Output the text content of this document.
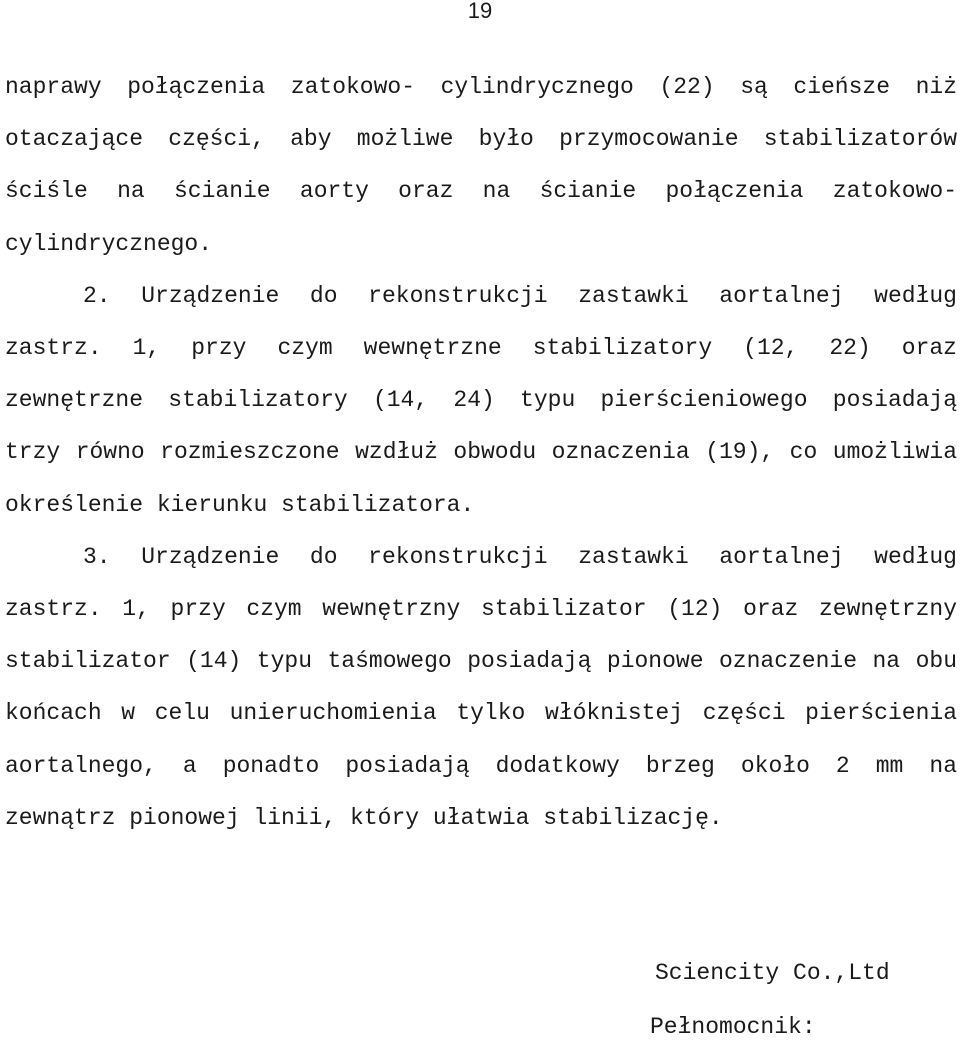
19

naprawy połączenia zatokowo- cylindrycznego (22) są cieńsze niż otaczające części, aby możliwe było przymocowanie stabilizatorów ściśle na ścianie aorty oraz na ścianie połączenia zatokowo-cylindrycznego.

2. Urządzenie do rekonstrukcji zastawki aortalnej według zastrz. 1, przy czym wewnętrzne stabilizatory (12, 22) oraz zewnętrzne stabilizatory (14, 24) typu pierścieniowego posiadają trzy równo rozmieszczone wzdłuż obwodu oznaczenia (19), co umożliwia określenie kierunku stabilizatora.

3. Urządzenie do rekonstrukcji zastawki aortalnej według zastrz. 1, przy czym wewnętrzny stabilizator (12) oraz zewnętrzny stabilizator (14) typu taśmowego posiadają pionowe oznaczenie na obu końcach w celu unieruchomienia tylko włóknistej części pierścienia aortalnego, a ponadto posiadają dodatkowy brzeg około 2 mm na zewnątrz pionowej linii, który ułatwia stabilizację.

Sciencity Co.,Ltd
Pełnomocnik:
